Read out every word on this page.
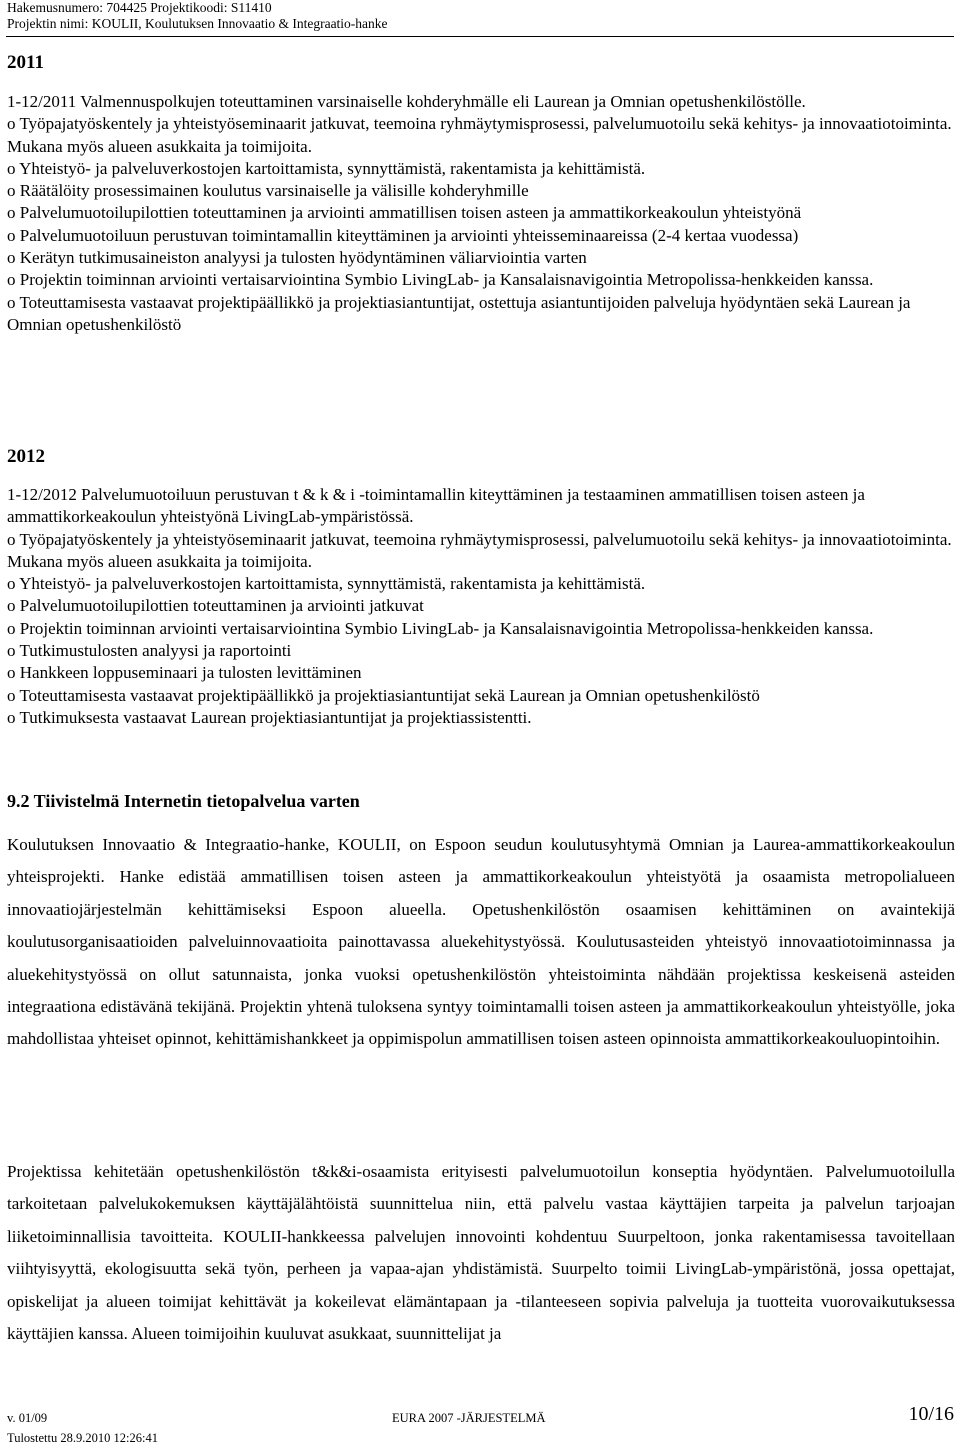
Hakemusnumero: 704425 Projektikoodi: S11410
Projektin nimi: KOULII, Koulutuksen Innovaatio & Integraatio-hanke
2011

1-12/2011 Valmennuspolkujen toteuttaminen varsinaiselle kohderyhmälle eli Laurean ja Omnian opetushenkilöstölle.

o Työpajatyöskentely ja yhteistyöseminaarit jatkuvat, teemoina ryhmäytymisprosessi, palvelumuotoilu sekä kehitys- ja innovaatiotoiminta. Mukana myös alueen asukkaita ja toimijoita.

o Yhteistyö- ja palveluverkostojen kartoittamista, synnyttämistä, rakentamista ja kehittämistä.

o Räätälöity prosessimainen koulutus varsinaiselle ja välisille kohderyhmille

o Palvelumuotoilupilottien toteuttaminen ja arviointi ammatillisen toisen asteen ja ammattikorkeakoulun yhteistyönä

o Palvelumuotoiluun perustuvan toimintamallin kiteyttäminen ja arviointi yhteisseminaareissa (2-4 kertaa vuodessa)

o Kerätyn tutkimusaineiston analyysi ja tulosten hyödyntäminen väliarviointia varten

o Projektin toiminnan arviointi vertaisarviointina Symbio LivingLab- ja Kansalaisnavigointia Metropolissa-henkkeiden kanssa.

o Toteuttamisesta vastaavat projektipäällikkö ja projektiasiantuntijat, ostettuja asiantuntijoiden palveluja hyödyntäen sekä Laurean ja Omnian opetushenkilöstö

2012

1-12/2012 Palvelumuotoiluun perustuvan t & k & i -toimintamallin kiteyttäminen ja testaaminen ammatillisen toisen asteen ja ammattikorkeakoulun yhteistyönä LivingLab-ympäristössä.

o Työpajatyöskentely ja yhteistyöseminaarit jatkuvat, teemoina ryhmäytymisprosessi, palvelumuotoilu sekä kehitys- ja innovaatiotoiminta. Mukana myös alueen asukkaita ja toimijoita.

o Yhteistyö- ja palveluverkostojen kartoittamista, synnyttämistä, rakentamista ja kehittämistä.

o Palvelumuotoilupilottien toteuttaminen ja arviointi jatkuvat

o Projektin toiminnan arviointi vertaisarviointina Symbio LivingLab- ja Kansalaisnavigointia Metropolissa-henkkeiden kanssa.

o Tutkimustulosten analyysi ja raportointi

o Hankkeen loppuseminaari ja tulosten levittäminen

o Toteuttamisesta vastaavat projektipäällikkö ja projektiasiantuntijat sekä Laurean ja Omnian opetushenkilöstö

o Tutkimuksesta vastaavat Laurean projektiasiantuntijat ja projektiassistentti.

9.2 Tiivistelmä Internetin tietopalvelua varten

Koulutuksen Innovaatio & Integraatio-hanke, KOULII, on Espoon seudun koulutusyhtymä Omnian ja Laurea-ammattikorkeakoulun yhteisprojekti. Hanke edistää ammatillisen toisen asteen ja ammattikorkeakoulun yhteistyötä ja osaamista metropolialueen innovaatiojärjestelmän kehittämiseksi Espoon alueella. Opetushenkilöstön osaamisen kehittäminen on avaintekijä koulutusorganisaatioiden palveluinnovaatioita painottavassa aluekehitystyössä. Koulutusasteiden yhteistyö innovaatiotoiminnassa ja aluekehitystyössä on ollut satunnaista, jonka vuoksi opetushenkilöstön yhteistoiminta nähdään projektissa keskeisenä asteiden integraationa edistävänä tekijänä. Projektin yhtenä tuloksena syntyy toimintamalli toisen asteen ja ammattikorkeakoulun yhteistyölle, joka mahdollistaa yhteiset opinnot, kehittämishankkeet ja oppimispolun ammatillisen toisen asteen opinnoista ammattikorkeakouluopintoihin.

Projektissa kehitetään opetushenkilöstön t&k&i-osaamista erityisesti palvelumuotoilun konseptia hyödyntäen. Palvelumuotoilulla tarkoitetaan palvelukokemuksen käyttäjälähtöistä suunnittelua niin, että palvelu vastaa käyttäjien tarpeita ja palvelun tarjoajan liiketoiminnallisia tavoitteita. KOULII-hankkeessa palvelujen innovointi kohdentuu Suurpeltoon, jonka rakentamisessa tavoitellaan viihtyisyyttä, ekologisuutta sekä työn, perheen ja vapaa-ajan yhdistämistä. Suurpelto toimii LivingLab-ympäristönä, jossa opettajat, opiskelijat ja alueen toimijat kehittävät ja kokeilevat elämäntapaan ja -tilanteeseen sopivia palveluja ja tuotteita vuorovaikutuksessa käyttäjien kanssa. Alueen toimijoihin kuuluvat asukkaat, suunnittelijat ja

v. 01/09	EURA 2007 -JÄRJESTELMÄ	10/16
Tulostettu 28.9.2010 12:26:41
